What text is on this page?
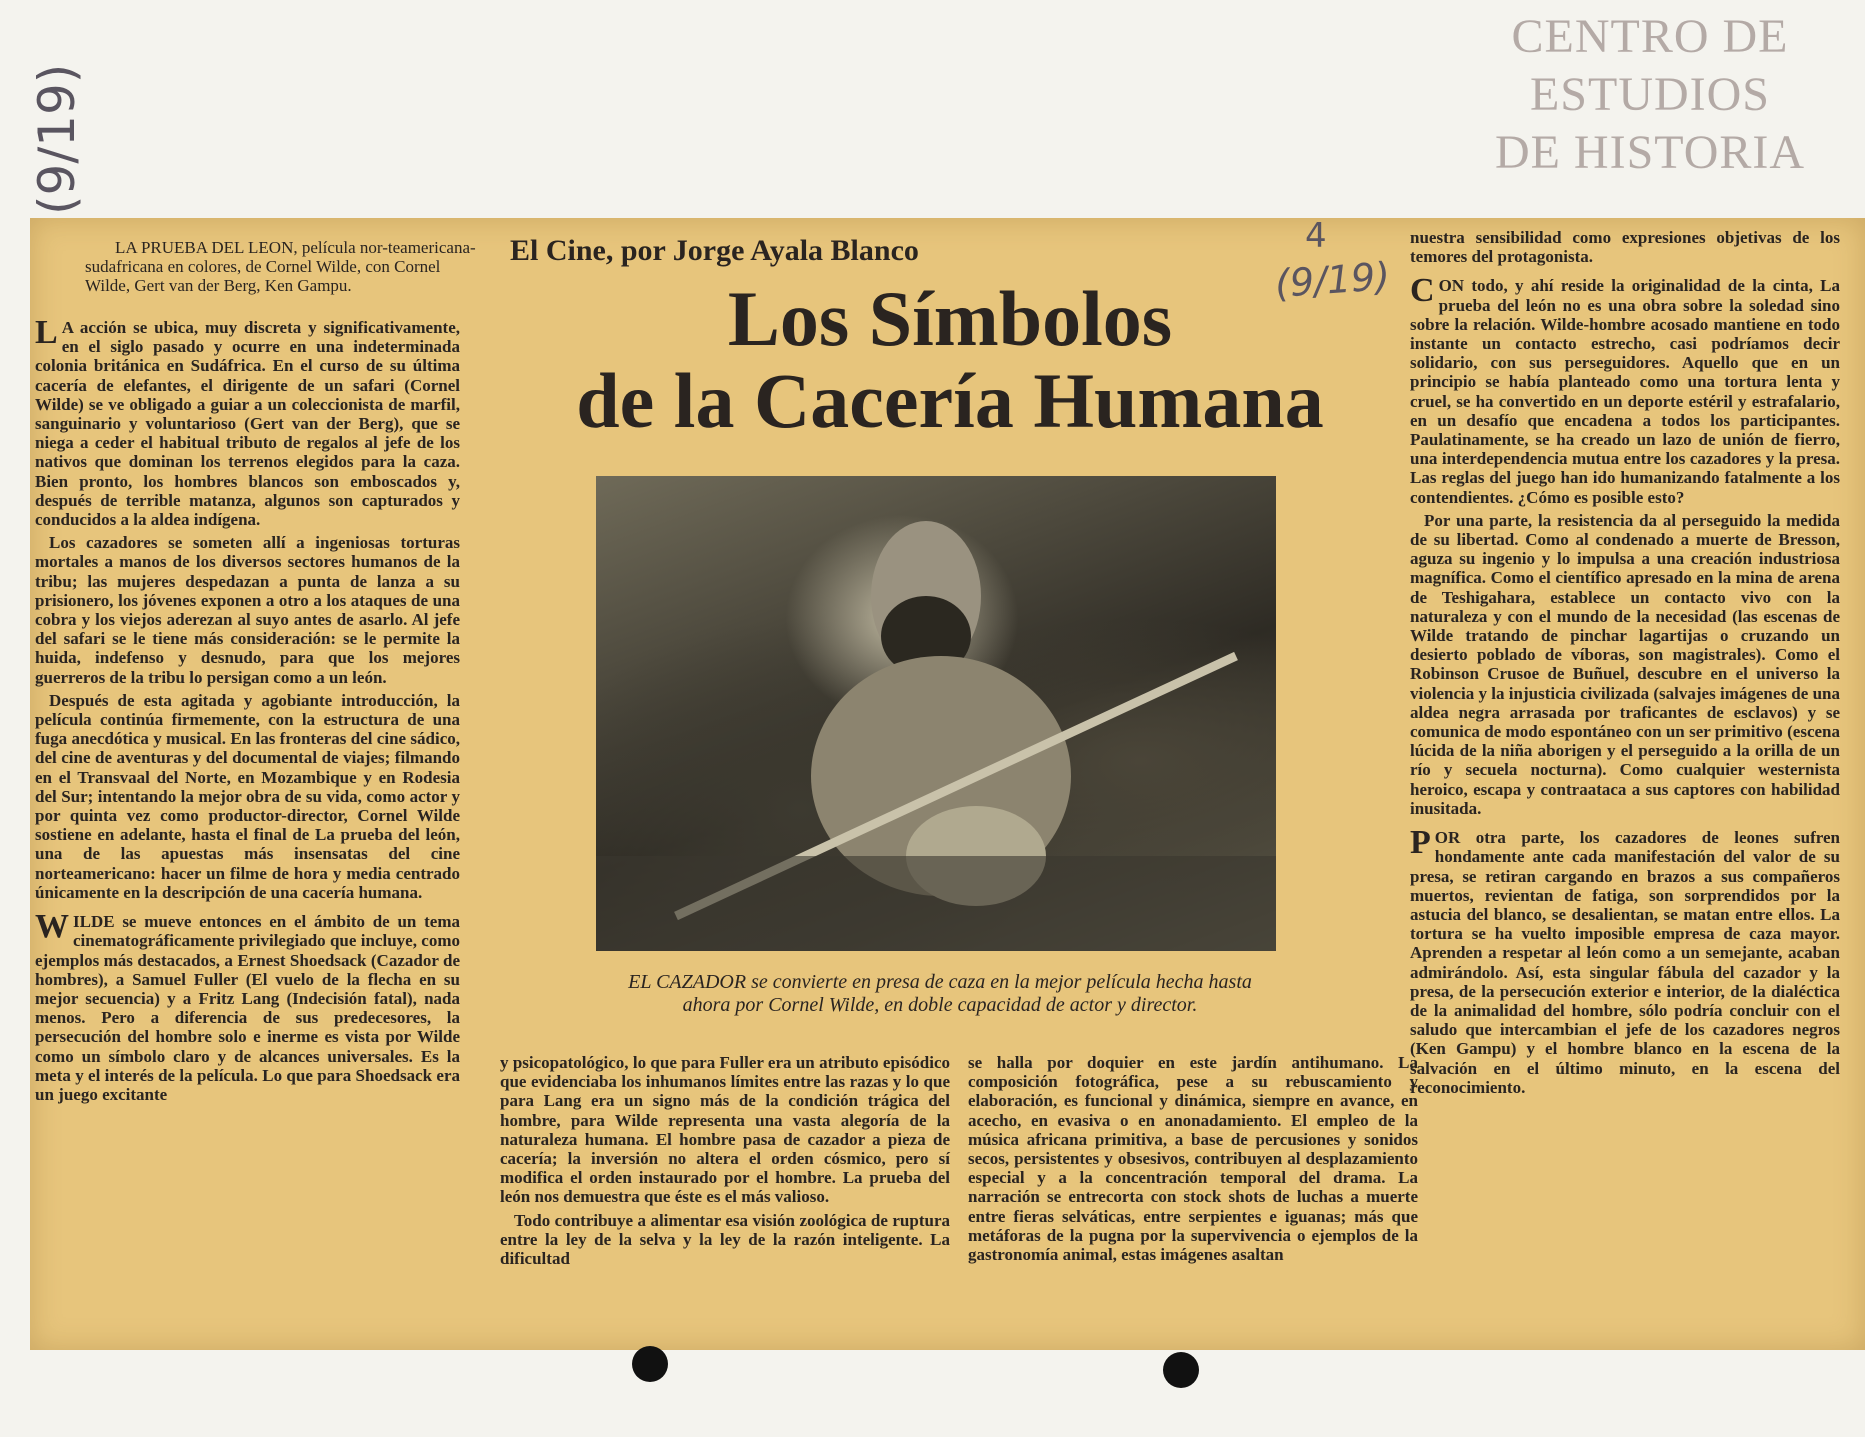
(9/19)
CENTRO DE
ESTUDIOS
DE HISTORIA
LA PRUEBA DEL LEON, película nor-teamericana-sudafricana en colores, de Cornel Wilde, con Cornel Wilde, Gert van der Berg, Ken Gampu.
El Cine, por Jorge Ayala Blanco	4
(9/19)
Los Símbolos
de la Cacería Humana
EL CAZADOR se convierte en presa de caza en la mejor película hecha hasta ahora por Cornel Wilde, en doble capacidad de actor y director.

L A acción se ubica, muy discreta y significativamente, en el siglo pasado y ocurre en una indeterminada colonia británica en Sudáfrica. En el curso de su última cacería de elefantes, el dirigente de un safari (Cornel Wilde) se ve obligado a guiar a un coleccionista de marfil, sanguinario y voluntarioso (Gert van der Berg), que se niega a ceder el habitual tributo de regalos al jefe de los nativos que dominan los terrenos elegidos para la caza. Bien pronto, los hombres blancos son emboscados y, después de terrible matanza, algunos son capturados y conducidos a la aldea indígena.

Los cazadores se someten allí a ingeniosas torturas mortales a manos de los diversos sectores humanos de la tribu; las mujeres despedazan a punta de lanza a su prisionero, los jóvenes exponen a otro a los ataques de una cobra y los viejos aderezan al suyo antes de asarlo. Al jefe del safari se le tiene más consideración: se le permite la huida, indefenso y desnudo, para que los mejores guerreros de la tribu lo persigan como a un león.

Después de esta agitada y agobiante introducción, la película continúa firmemente, con la estructura de una fuga anecdótica y musical. En las fronteras del cine sádico, del cine de aventuras y del documental de viajes; filmando en el Transvaal del Norte, en Mozambique y en Rodesia del Sur; intentando la mejor obra de su vida, como actor y por quinta vez como productor-director, Cornel Wilde sostiene en adelante, hasta el final de La prueba del león, una de las apuestas más insensatas del cine norteamericano: hacer un filme de hora y media centrado únicamente en la descripción de una cacería humana.

WILDE se mueve entonces en el ámbito de un tema cinematográficamente privilegiado que incluye, como ejemplos más destacados, a Ernest Shoedsack (Cazador de hombres), a Samuel Fuller (El vuelo de la flecha en su mejor secuencia) y a Fritz Lang (Indecisión fatal), nada menos. Pero a diferencia de sus predecesores, la persecución del hombre solo e inerme es vista por Wilde como un símbolo claro y de alcances universales. Es la meta y el interés de la película. Lo que para Shoedsack era un juego excitante

y psicopatológico, lo que para Fuller era un atributo episódico que evidenciaba los inhumanos límites entre las razas y lo que para Lang era un signo más de la condición trágica del hombre, para Wilde representa una vasta alegoría de la naturaleza humana. El hombre pasa de cazador a pieza de cacería; la inversión no altera el orden cósmico, pero sí modifica el orden instaurado por el hombre. La prueba del león nos demuestra que éste es el más valioso.

Todo contribuye a alimentar esa visión zoológica de ruptura entre la ley de la selva y la ley de la razón inteligente. La dificultad

se halla por doquier en este jardín antihumano. La composición fotográfica, pese a su rebuscamiento y elaboración, es funcional y dinámica, siempre en avance, en acecho, en evasiva o en anonadamiento. El empleo de la música africana primitiva, a base de percusiones y sonidos secos, persistentes y obsesivos, contribuyen al desplazamiento especial y a la concentración temporal del drama. La narración se entrecorta con stock shots de luchas a muerte entre fieras selváticas, entre serpientes e iguanas; más que metáforas de la pugna por la supervivencia o ejemplos de la gastronomía animal, estas imágenes asaltan

nuestra sensibilidad como expresiones objetivas de los temores del protagonista.

CON todo, y ahí reside la originalidad de la cinta, La prueba del león no es una obra sobre la soledad sino sobre la relación. Wilde-hombre acosado mantiene en todo instante un contacto estrecho, casi podríamos decir solidario, con sus perseguidores. Aquello que en un principio se había planteado como una tortura lenta y cruel, se ha convertido en un deporte estéril y estrafalario, en un desafío que encadena a todos los participantes. Paulatinamente, se ha creado un lazo de unión de fierro, una interdependencia mutua entre los cazadores y la presa. Las reglas del juego han ido humanizando fatalmente a los contendientes. ¿Cómo es posible esto?

Por una parte, la resistencia da al perseguido la medida de su libertad. Como al condenado a muerte de Bresson, aguza su ingenio y lo impulsa a una creación industriosa magnífica. Como el científico apresado en la mina de arena de Teshigahara, establece un contacto vivo con la naturaleza y con el mundo de la necesidad (las escenas de Wilde tratando de pinchar lagartijas o cruzando un desierto poblado de víboras, son magistrales). Como el Robinson Crusoe de Buñuel, descubre en el universo la violencia y la injusticia civilizada (salvajes imágenes de una aldea negra arrasada por traficantes de esclavos) y se comunica de modo espontáneo con un ser primitivo (escena lúcida de la niña aborigen y el perseguido a la orilla de un río y secuela nocturna). Como cualquier westernista heroico, escapa y contraataca a sus captores con habilidad inusitada.

POR otra parte, los cazadores de leones sufren hondamente ante cada manifestación del valor de su presa, se retiran cargando en brazos a sus compañeros muertos, revientan de fatiga, son sorprendidos por la astucia del blanco, se desalientan, se matan entre ellos. La tortura se ha vuelto imposible empresa de caza mayor. Aprenden a respetar al león como a un semejante, acaban admirándolo. Así, esta singular fábula del cazador y la presa, de la persecución exterior e interior, de la dialéctica de la animalidad del hombre, sólo podría concluir con el saludo que intercambian el jefe de los cazadores negros (Ken Gampu) y el hombre blanco en la escena de la salvación en el último minuto, en la escena del reconocimiento.
